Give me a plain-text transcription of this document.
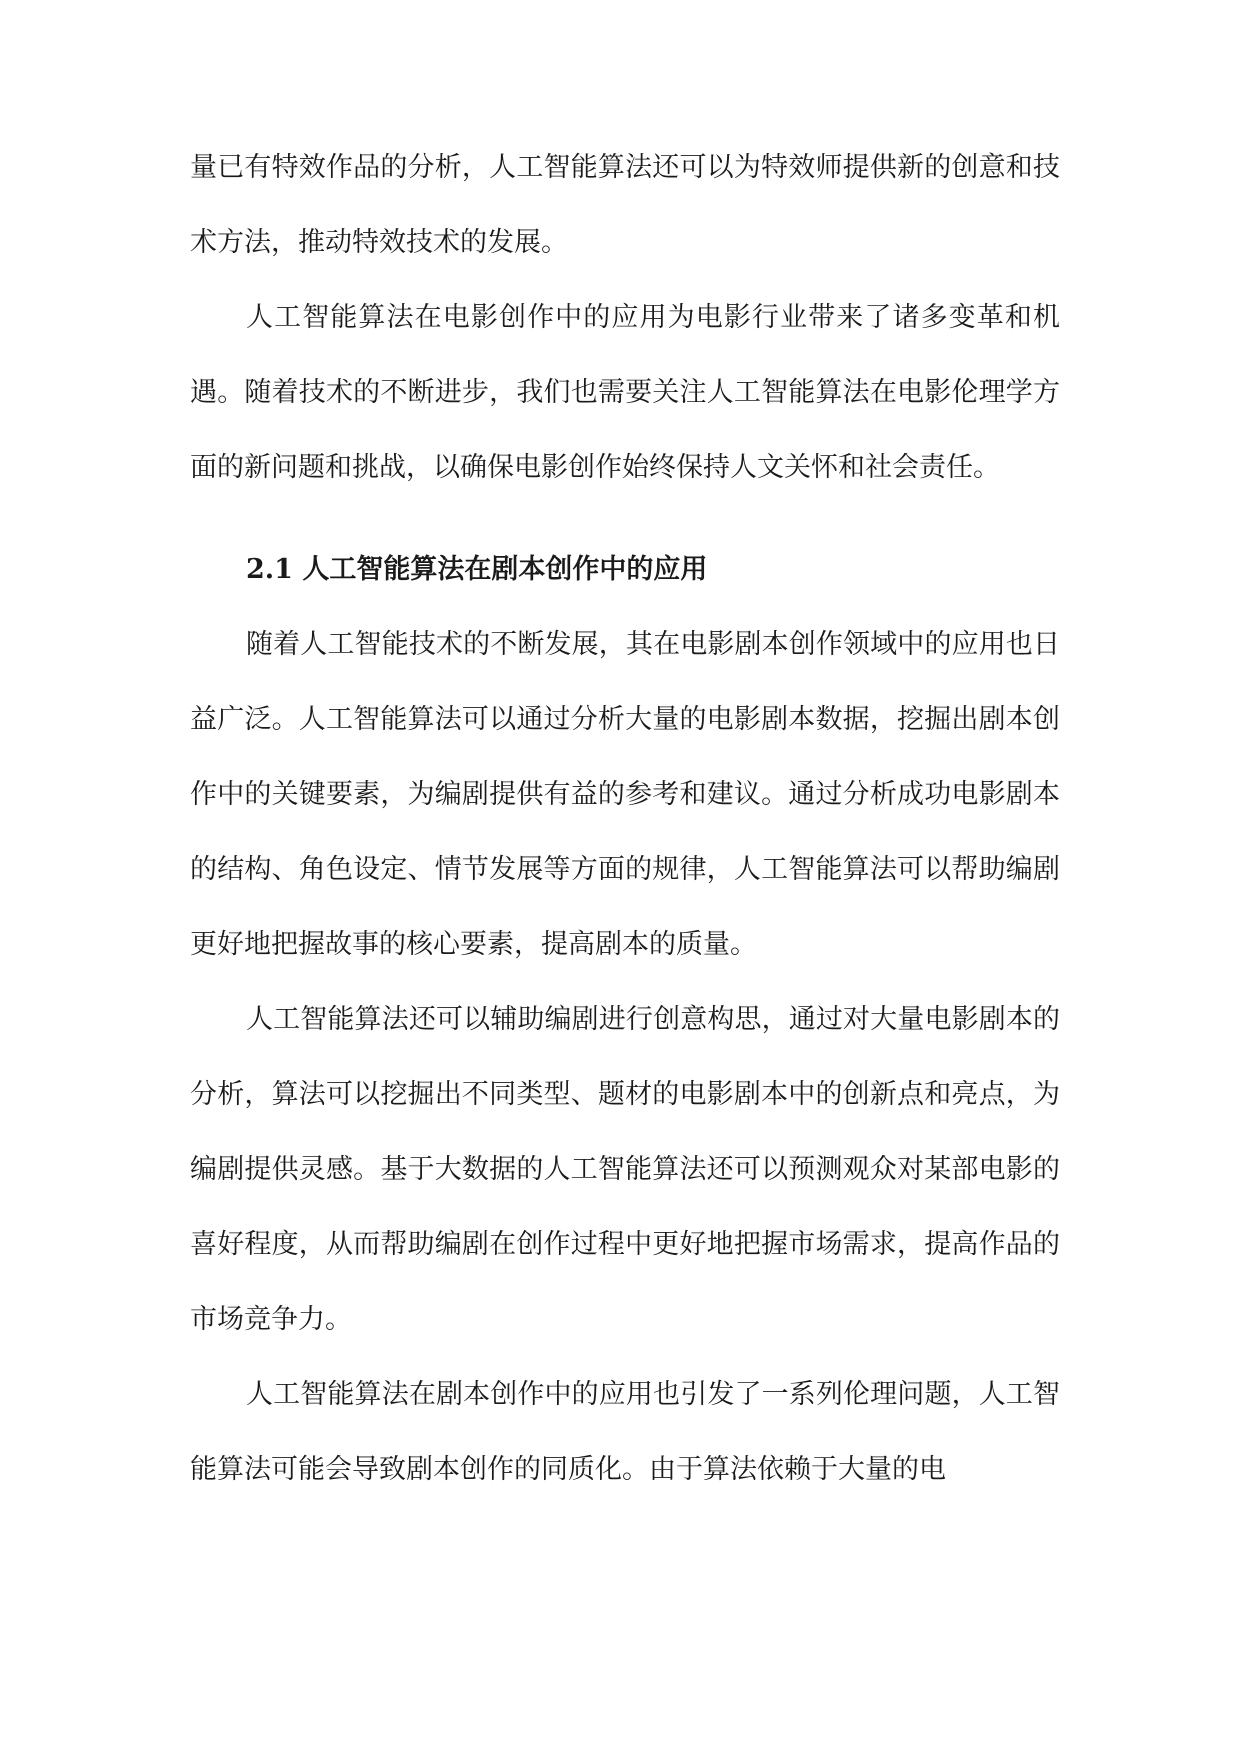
量已有特效作品的分析，人工智能算法还可以为特效师提供新的创意和技术方法，推动特效技术的发展。

人工智能算法在电影创作中的应用为电影行业带来了诸多变革和机遇。随着技术的不断进步，我们也需要关注人工智能算法在电影伦理学方面的新问题和挑战，以确保电影创作始终保持人文关怀和社会责任。

2.1 人工智能算法在剧本创作中的应用

随着人工智能技术的不断发展，其在电影剧本创作领域中的应用也日益广泛。人工智能算法可以通过分析大量的电影剧本数据，挖掘出剧本创作中的关键要素，为编剧提供有益的参考和建议。通过分析成功电影剧本的结构、角色设定、情节发展等方面的规律，人工智能算法可以帮助编剧更好地把握故事的核心要素，提高剧本的质量。

人工智能算法还可以辅助编剧进行创意构思，通过对大量电影剧本的分析，算法可以挖掘出不同类型、题材的电影剧本中的创新点和亮点，为编剧提供灵感。基于大数据的人工智能算法还可以预测观众对某部电影的喜好程度，从而帮助编剧在创作过程中更好地把握市场需求，提高作品的市场竞争力。

人工智能算法在剧本创作中的应用也引发了一系列伦理问题，人工智能算法可能会导致剧本创作的同质化。由于算法依赖于大量的电
